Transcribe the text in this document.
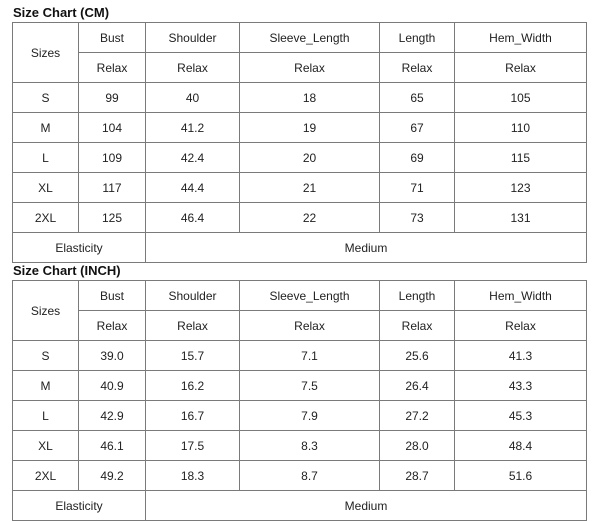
Size Chart (CM)
Sizes	Bust	Shoulder	Sleeve_Length	Length	Hem_Width
	Relax	Relax	Relax	Relax	Relax
S	99	40	18	65	105
M	104	41.2	19	67	110
L	109	42.4	20	69	115
XL	117	44.4	21	71	123
2XL	125	46.4	22	73	131
Elasticity		Medium			
Size Chart (INCH)
Sizes	Bust	Shoulder	Sleeve_Length	Length	Hem_Width
	Relax	Relax	Relax	Relax	Relax
S	39.0	15.7	7.1	25.6	41.3
M	40.9	16.2	7.5	26.4	43.3
L	42.9	16.7	7.9	27.2	45.3
XL	46.1	17.5	8.3	28.0	48.4
2XL	49.2	18.3	8.7	28.7	51.6
Elasticity		Medium			
